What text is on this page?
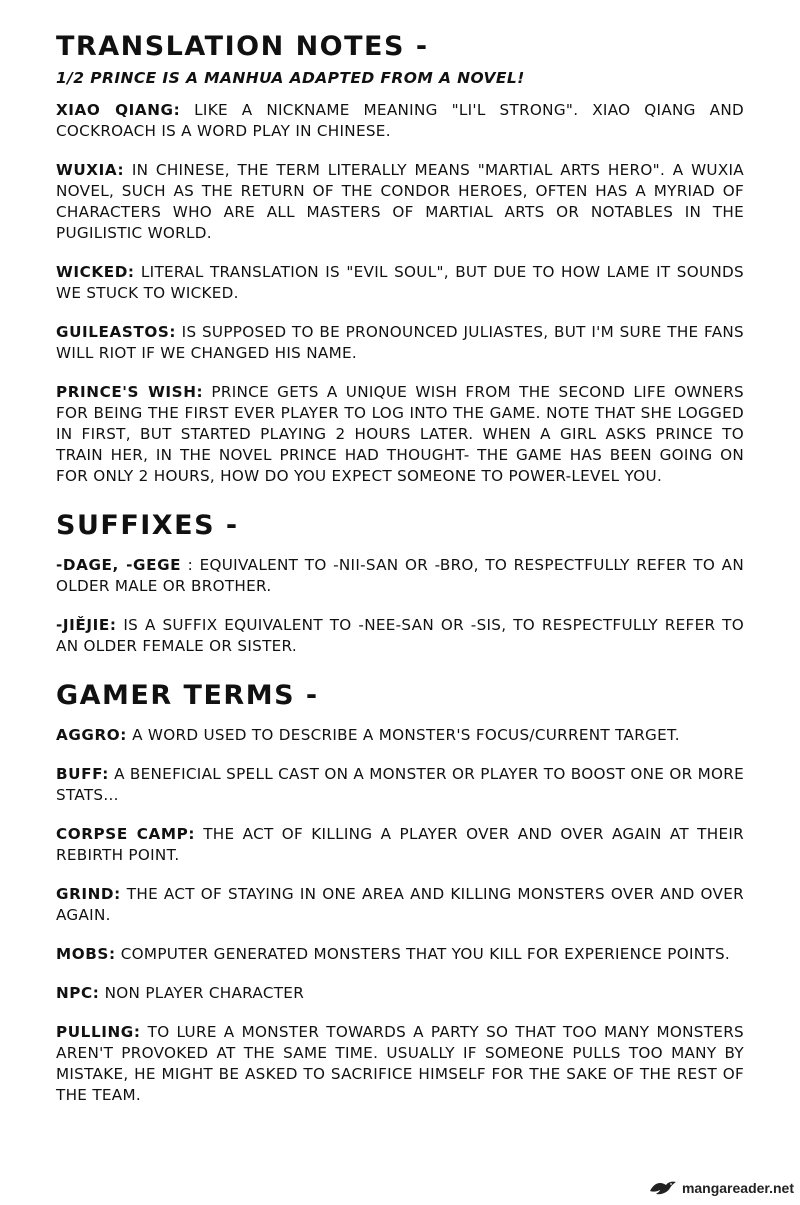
TRANSLATION NOTES -
1/2 PRINCE IS A MANHUA ADAPTED FROM A NOVEL!

XIAO QIANG: LIKE A NICKNAME MEANING "LI'L STRONG". XIAO QIANG AND COCKROACH IS A WORD PLAY IN CHINESE.

WUXIA: IN CHINESE, THE TERM LITERALLY MEANS "MARTIAL ARTS HERO". A WUXIA NOVEL, SUCH AS THE RETURN OF THE CONDOR HEROES, OFTEN HAS A MYRIAD OF CHARACTERS WHO ARE ALL MASTERS OF MARTIAL ARTS OR NOTABLES IN THE PUGILISTIC WORLD.

WICKED: LITERAL TRANSLATION IS "EVIL SOUL", BUT DUE TO HOW LAME IT SOUNDS WE STUCK TO WICKED.

GUILEASTOS: IS SUPPOSED TO BE PRONOUNCED JULIASTES, BUT I'M SURE THE FANS WILL RIOT IF WE CHANGED HIS NAME.

PRINCE'S WISH: PRINCE GETS A UNIQUE WISH FROM THE SECOND LIFE OWNERS FOR BEING THE FIRST EVER PLAYER TO LOG INTO THE GAME. NOTE THAT SHE LOGGED IN FIRST, BUT STARTED PLAYING 2 HOURS LATER. WHEN A GIRL ASKS PRINCE TO TRAIN HER, IN THE NOVEL PRINCE HAD THOUGHT- THE GAME HAS BEEN GOING ON FOR ONLY 2 HOURS, HOW DO YOU EXPECT SOMEONE TO POWER-LEVEL YOU.

SUFFIXES -

-DAGE, -GEGE : EQUIVALENT TO -NII-SAN OR -BRO, TO RESPECTFULLY REFER TO AN OLDER MALE OR BROTHER.

-JIĚJIE: IS A SUFFIX EQUIVALENT TO -NEE-SAN OR -SIS, TO RESPECTFULLY REFER TO AN OLDER FEMALE OR SISTER.

GAMER TERMS -

AGGRO: A WORD USED TO DESCRIBE A MONSTER'S FOCUS/CURRENT TARGET.

BUFF: A BENEFICIAL SPELL CAST ON A MONSTER OR PLAYER TO BOOST ONE OR MORE STATS...

CORPSE CAMP: THE ACT OF KILLING A PLAYER OVER AND OVER AGAIN AT THEIR REBIRTH POINT.

GRIND: THE ACT OF STAYING IN ONE AREA AND KILLING MONSTERS OVER AND OVER AGAIN.

MOBS: COMPUTER GENERATED MONSTERS THAT YOU KILL FOR EXPERIENCE POINTS.

NPC: NON PLAYER CHARACTER

PULLING: TO LURE A MONSTER TOWARDS A PARTY SO THAT TOO MANY MONSTERS AREN'T PROVOKED AT THE SAME TIME. USUALLY IF SOMEONE PULLS TOO MANY BY MISTAKE, HE MIGHT BE ASKED TO SACRIFICE HIMSELF FOR THE SAKE OF THE REST OF THE TEAM.

mangareader.net
